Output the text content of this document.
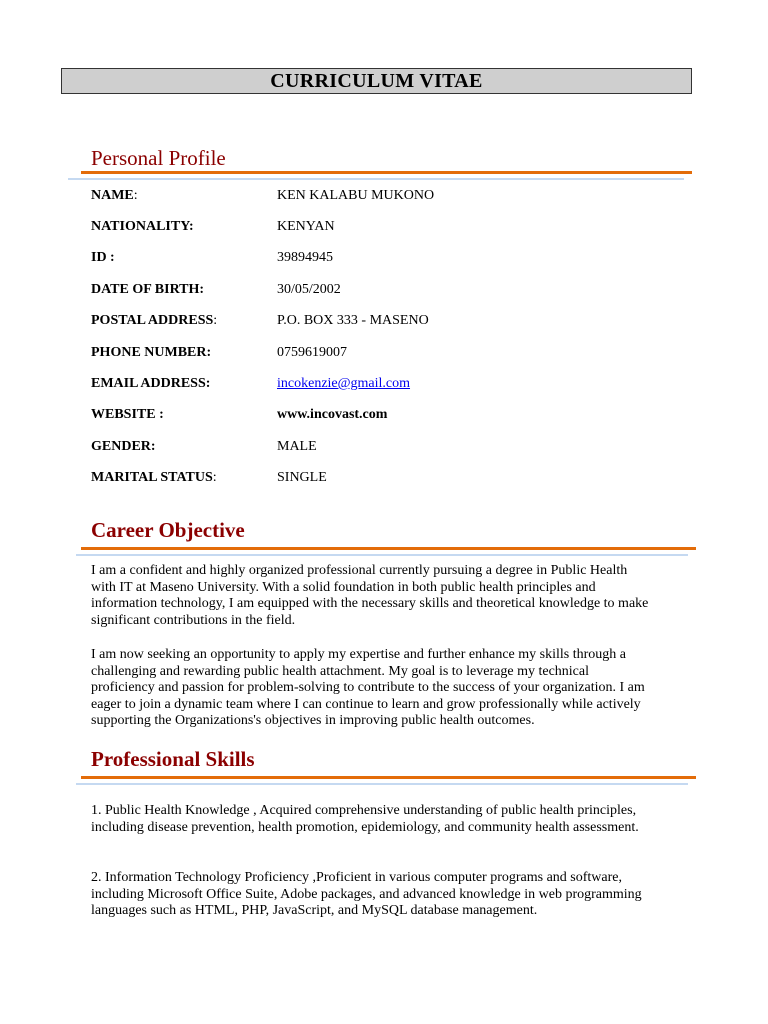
CURRICULUM VITAE
Personal Profile
NAME:	KEN KALABU MUKONO
NATIONALITY:	KENYAN
ID :	39894945
DATE OF BIRTH:	30/05/2002
POSTAL ADDRESS:	P.O. BOX 333 - MASENO
PHONE NUMBER:	0759619007
EMAIL ADDRESS:	incokenzie@gmail.com
WEBSITE :	www.incovast.com
GENDER:	MALE
MARITAL STATUS:	SINGLE
Career Objective

I am a confident and highly organized professional currently pursuing a degree in Public Health with IT at Maseno University. With a solid foundation in both public health principles and information technology, I am equipped with the necessary skills and theoretical knowledge to make significant contributions in the field.

I am now seeking an opportunity to apply my expertise and further enhance my skills through a challenging and rewarding public health attachment. My goal is to leverage my technical proficiency and passion for problem-solving to contribute to the success of your organization. I am eager to join a dynamic team where I can continue to learn and grow professionally while actively supporting the Organizations's objectives in improving public health outcomes.

Professional Skills

1. Public Health Knowledge , Acquired comprehensive understanding of public health principles, including disease prevention, health promotion, epidemiology, and community health assessment.

2. Information Technology Proficiency ,Proficient in various computer programs and software, including Microsoft Office Suite, Adobe packages, and advanced knowledge in web programming languages such as HTML, PHP, JavaScript, and MySQL database management.
